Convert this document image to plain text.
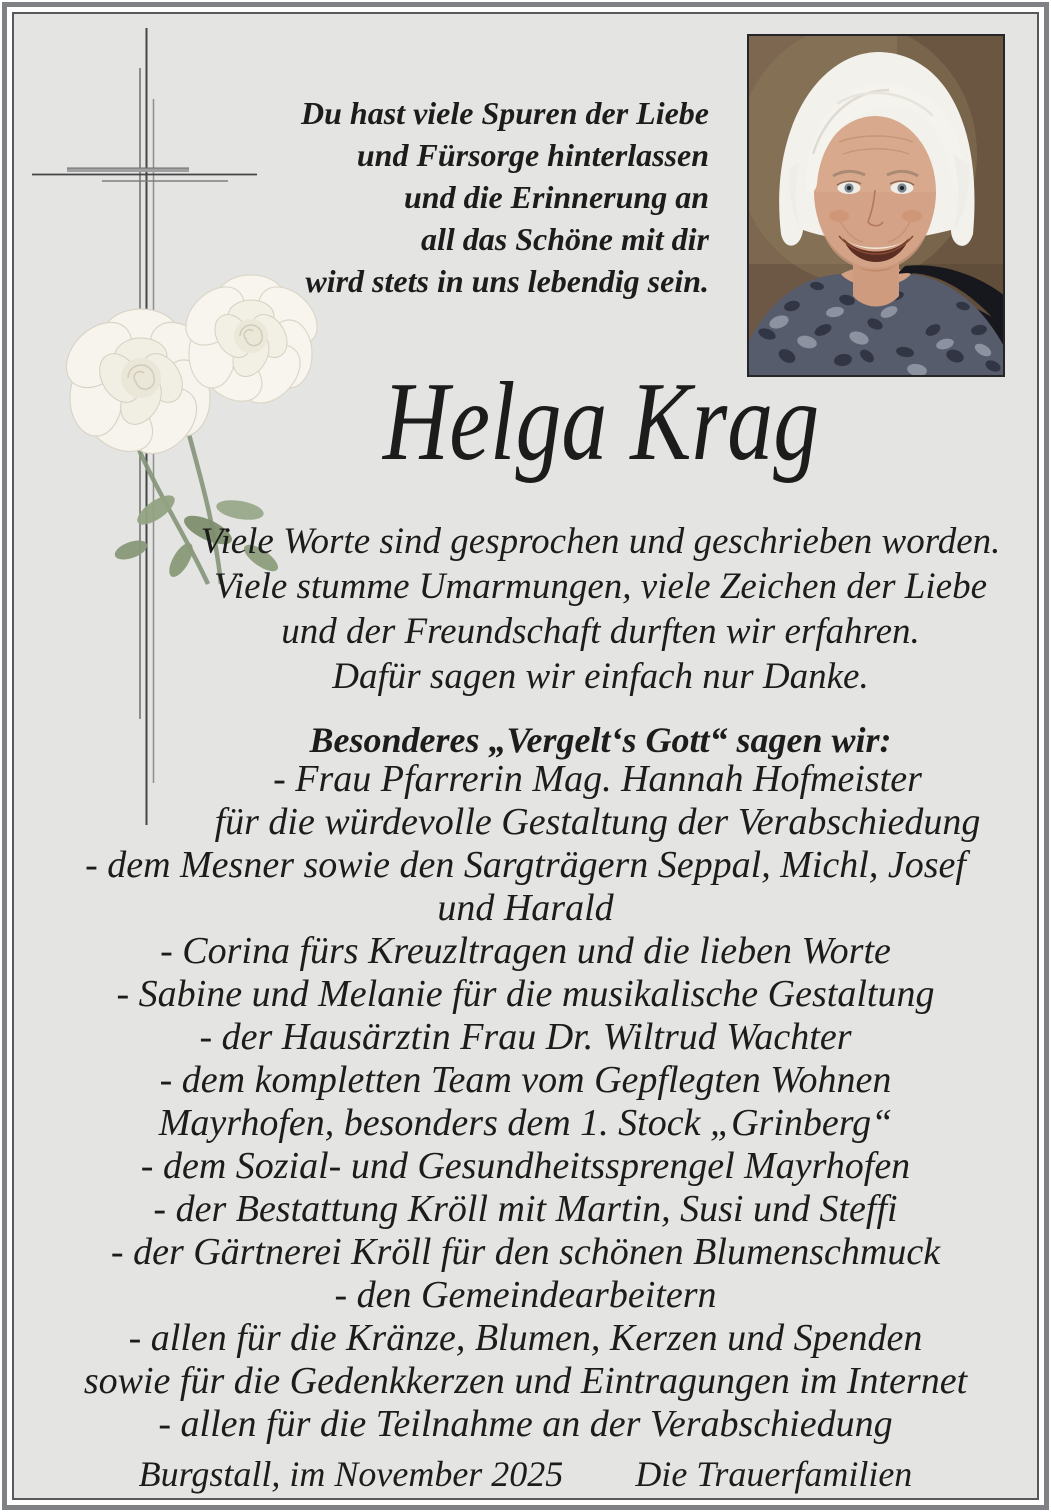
Du hast viele Spuren der Liebe
und Fürsorge hinterlassen
und die Erinnerung an
all das Schöne mit dir
wird stets in uns lebendig sein.
Helga Krag
Viele Worte sind gesprochen und geschrieben worden.
Viele stumme Umarmungen, viele Zeichen der Liebe
und der Freundschaft durften wir erfahren.
Dafür sagen wir einfach nur Danke.
Besonderes „Vergelt‘s Gott“ sagen wir:
- Frau Pfarrerin Mag. Hannah Hofmeister
für die würdevolle Gestaltung der Verabschiedung
- dem Mesner sowie den Sargträgern Seppal, Michl, Josef
und Harald
- Corina fürs Kreuzltragen und die lieben Worte
- Sabine und Melanie für die musikalische Gestaltung
- der Hausärztin Frau Dr. Wiltrud Wachter
- dem kompletten Team vom Gepflegten Wohnen
Mayrhofen, besonders dem 1. Stock „Grinberg“
- dem Sozial- und Gesundheitssprengel Mayrhofen
- der Bestattung Kröll mit Martin, Susi und Steffi
- der Gärtnerei Kröll für den schönen Blumenschmuck
- den Gemeindearbeitern
- allen für die Kränze, Blumen, Kerzen und Spenden
sowie für die Gedenkkerzen und Eintragungen im Internet
- allen für die Teilnahme an der Verabschiedung
Burgstall, im November 2025 Die Trauerfamilien
